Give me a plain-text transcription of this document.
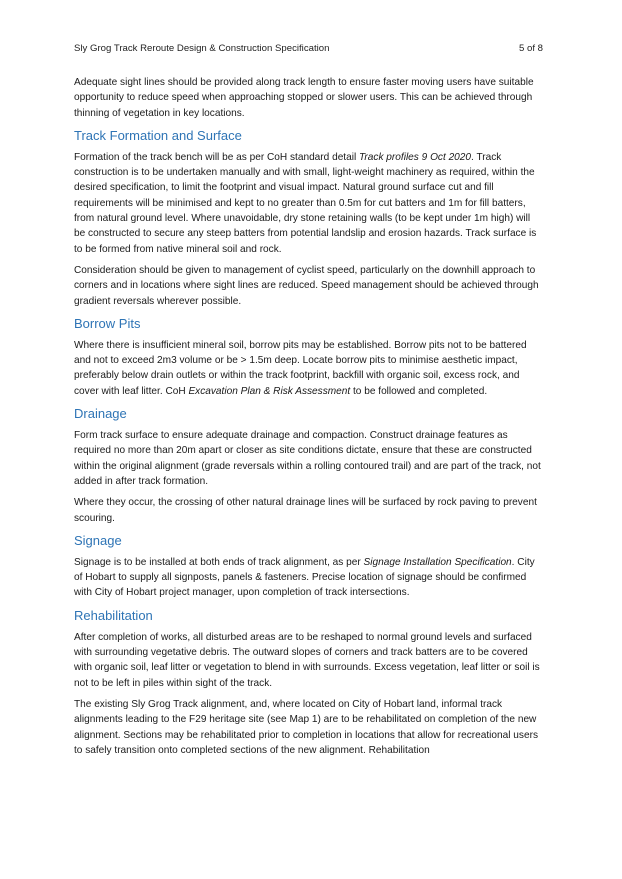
Sly Grog Track Reroute Design & Construction Specification	5 of 8

Adequate sight lines should be provided along track length to ensure faster moving users have suitable opportunity to reduce speed when approaching stopped or slower users. This can be achieved through thinning of vegetation in key locations.

Track Formation and Surface

Formation of the track bench will be as per CoH standard detail Track profiles 9 Oct 2020. Track construction is to be undertaken manually and with small, light-weight machinery as required, within the desired specification, to limit the footprint and visual impact. Natural ground surface cut and fill requirements will be minimised and kept to no greater than 0.5m for cut batters and 1m for fill batters, from natural ground level. Where unavoidable, dry stone retaining walls (to be kept under 1m high) will be constructed to secure any steep batters from potential landslip and erosion hazards. Track surface is to be formed from native mineral soil and rock.

Consideration should be given to management of cyclist speed, particularly on the downhill approach to corners and in locations where sight lines are reduced. Speed management should be achieved through gradient reversals wherever possible.

Borrow Pits

Where there is insufficient mineral soil, borrow pits may be established. Borrow pits not to be battered and not to exceed 2m3 volume or be > 1.5m deep. Locate borrow pits to minimise aesthetic impact, preferably below drain outlets or within the track footprint, backfill with organic soil, excess rock, and cover with leaf litter. CoH Excavation Plan & Risk Assessment to be followed and completed.

Drainage

Form track surface to ensure adequate drainage and compaction. Construct drainage features as required no more than 20m apart or closer as site conditions dictate, ensure that these are constructed within the original alignment (grade reversals within a rolling contoured trail) and are part of the track, not added in after track formation.

Where they occur, the crossing of other natural drainage lines will be surfaced by rock paving to prevent scouring.

Signage

Signage is to be installed at both ends of track alignment, as per Signage Installation Specification. City of Hobart to supply all signposts, panels & fasteners. Precise location of signage should be confirmed with City of Hobart project manager, upon completion of track intersections.

Rehabilitation

After completion of works, all disturbed areas are to be reshaped to normal ground levels and surfaced with surrounding vegetative debris. The outward slopes of corners and track batters are to be covered with organic soil, leaf litter or vegetation to blend in with surrounds. Excess vegetation, leaf litter or soil is not to be left in piles within sight of the track.

The existing Sly Grog Track alignment, and, where located on City of Hobart land, informal track alignments leading to the F29 heritage site (see Map 1) are to be rehabilitated on completion of the new alignment. Sections may be rehabilitated prior to completion in locations that allow for recreational users to safely transition onto completed sections of the new alignment. Rehabilitation
